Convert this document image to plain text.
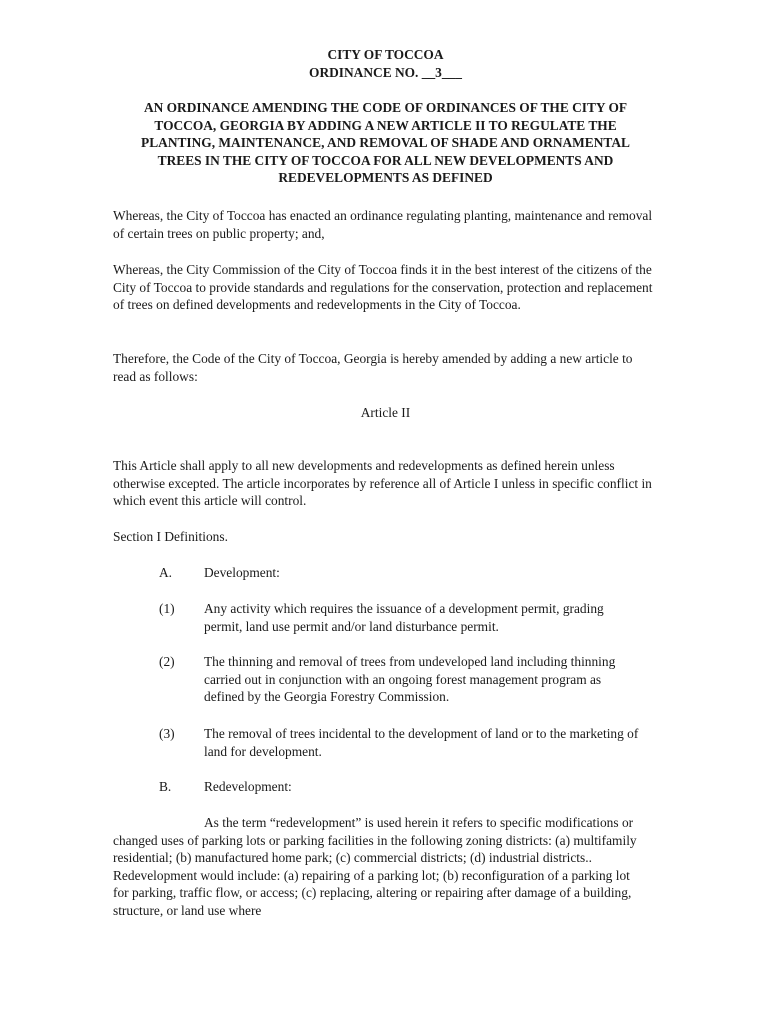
CITY OF TOCCOA

ORDINANCE NO. __3___

AN ORDINANCE AMENDING THE CODE OF ORDINANCES OF THE CITY OF TOCCOA, GEORGIA BY ADDING A NEW ARTICLE II TO REGULATE THE PLANTING, MAINTENANCE, AND REMOVAL OF SHADE AND ORNAMENTAL TREES IN THE CITY OF TOCCOA FOR ALL NEW DEVELOPMENTS AND REDEVELOPMENTS AS DEFINED

Whereas, the City of Toccoa has enacted an ordinance regulating planting, maintenance and removal of certain trees on public property; and,

Whereas, the City Commission of the City of Toccoa finds it in the best interest of the citizens of the City of Toccoa to provide standards and regulations for the conservation, protection and replacement of trees on defined developments and redevelopments in the City of Toccoa.

Therefore, the Code of the City of Toccoa, Georgia is hereby amended by adding a new article to read as follows:

Article II

This Article shall apply to all new developments and redevelopments as defined herein unless otherwise excepted. The article incorporates by reference all of Article I unless in specific conflict in which event this article will control.

Section I Definitions.

A. Development:

(1) Any activity which requires the issuance of a development permit, grading permit, land use permit and/or land disturbance permit.

(2) The thinning and removal of trees from undeveloped land including thinning carried out in conjunction with an ongoing forest management program as defined by the Georgia Forestry Commission.

(3) The removal of trees incidental to the development of land or to the marketing of land for development.

B. Redevelopment:

As the term “redevelopment” is used herein it refers to specific modifications or changed uses of parking lots or parking facilities in the following zoning districts: (a) multifamily residential; (b) manufactured home park; (c) commercial districts; (d) industrial districts.. Redevelopment would include: (a) repairing of a parking lot; (b) reconfiguration of a parking lot for parking, traffic flow, or access; (c) replacing, altering or repairing after damage of a building, structure, or land use where
